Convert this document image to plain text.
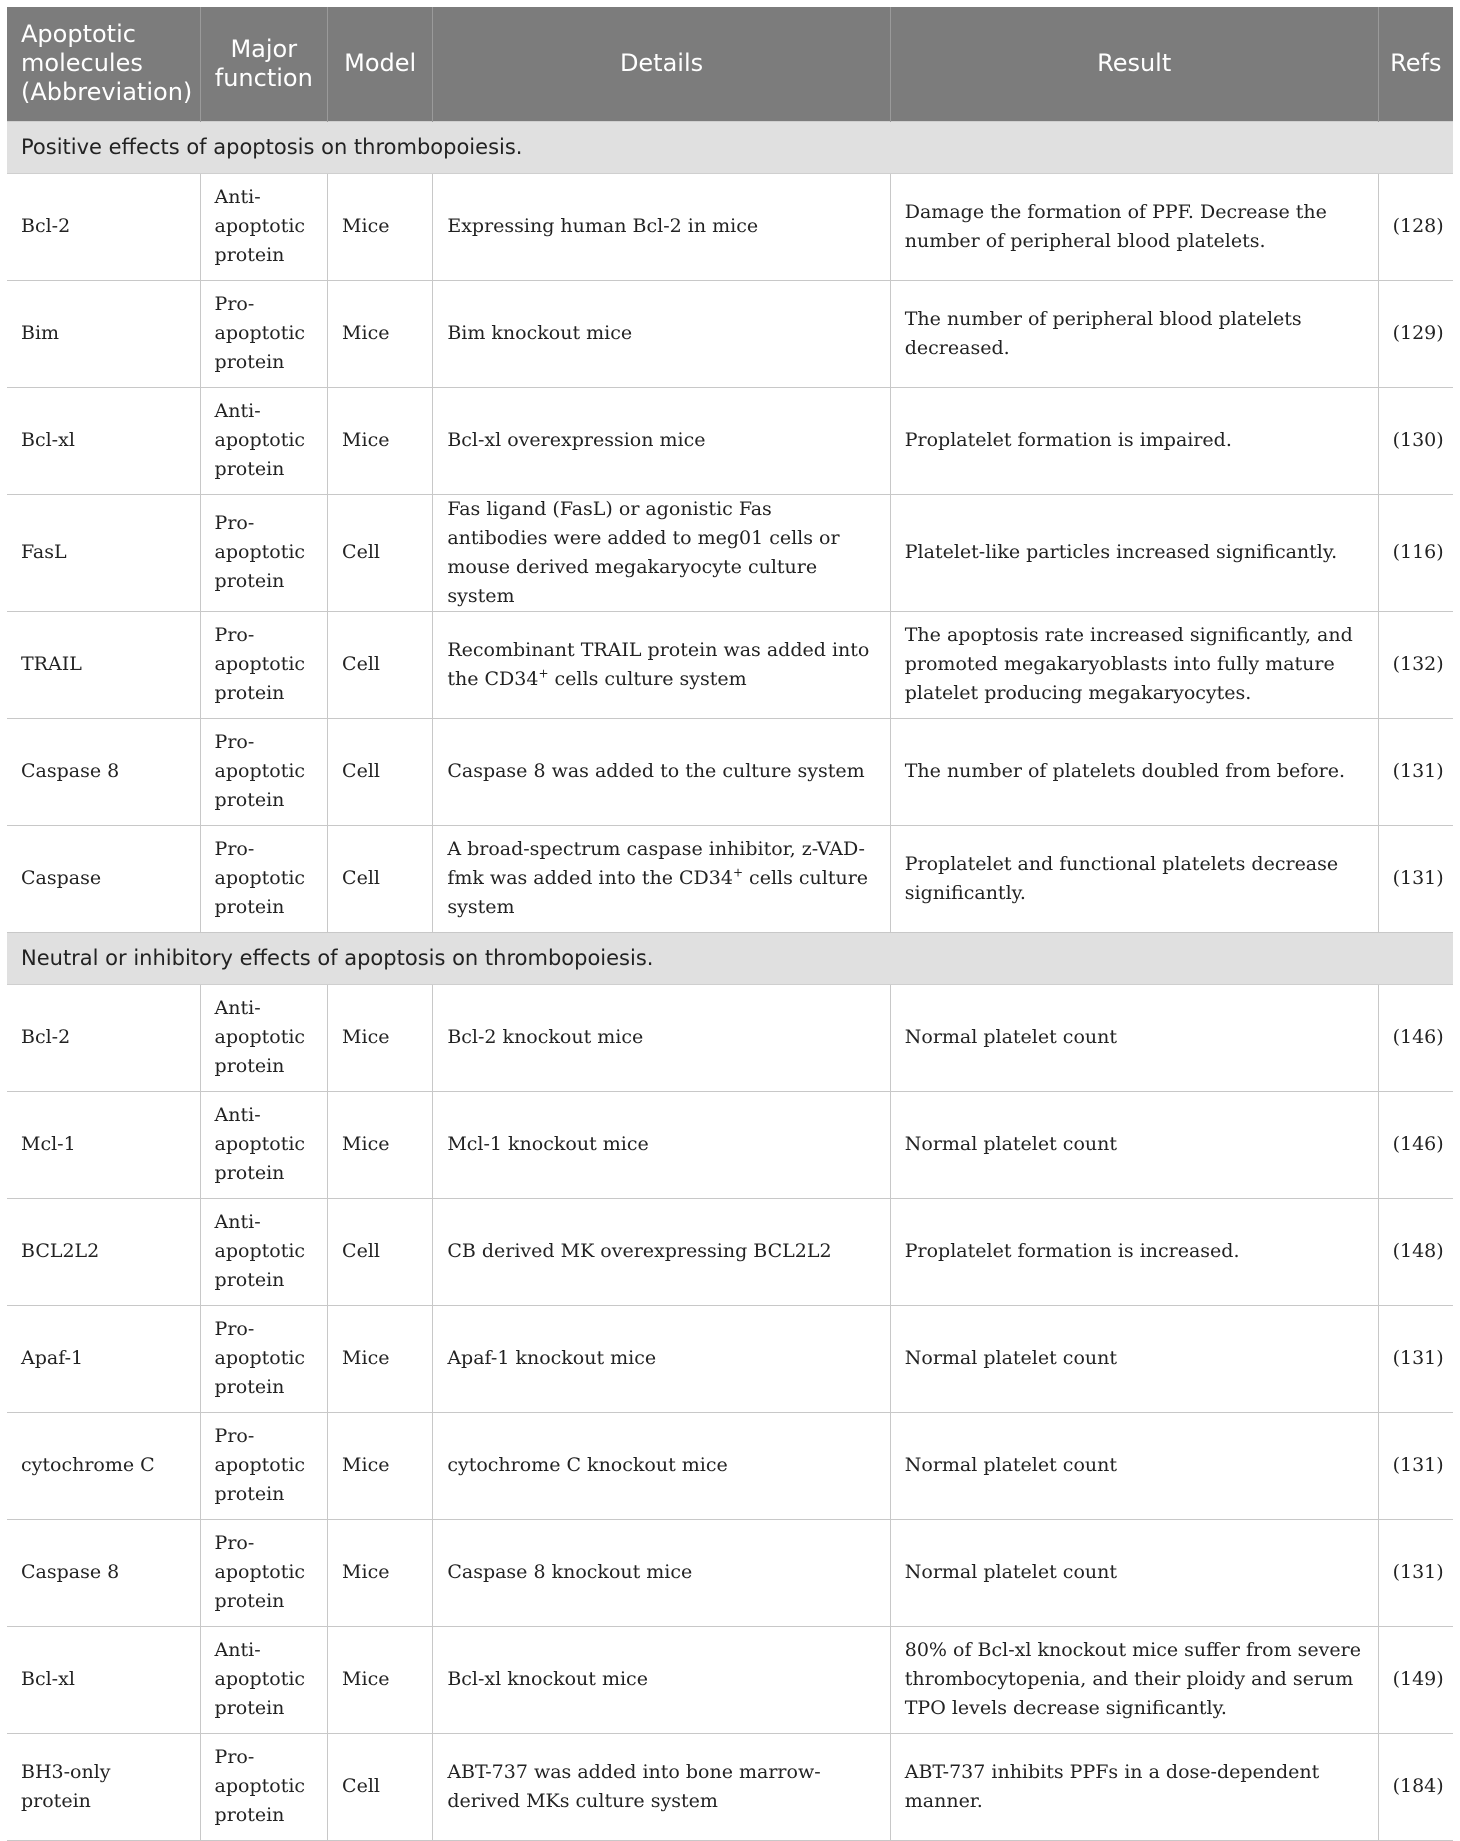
Apoptotic molecules (Abbreviation)	Major function	Model	Details	Result	Refs
Positive effects of apoptosis on thrombopoiesis.					
Bcl-2	Anti-apoptotic protein	Mice	Expressing human Bcl-2 in mice	Damage the formation of PPF. Decrease the number of peripheral blood platelets.	(128)
Bim	Pro-apoptotic protein	Mice	Bim knockout mice	The number of peripheral blood platelets decreased.	(129)
Bcl-xl	Anti-apoptotic protein	Mice	Bcl-xl overexpression mice	Proplatelet formation is impaired.	(130)
FasL	Pro-apoptotic protein	Cell	Fas ligand (FasL) or agonistic Fas antibodies were added to meg01 cells or mouse derived megakaryocyte culture system	Platelet-like particles increased significantly.	(116)
TRAIL	Pro-apoptotic protein	Cell	Recombinant TRAIL protein was added into the CD34+ cells culture system	The apoptosis rate increased significantly, and promoted megakaryoblasts into fully mature platelet producing megakaryocytes.	(132)
Caspase 8	Pro-apoptotic protein	Cell	Caspase 8 was added to the culture system	The number of platelets doubled from before.	(131)
Caspase	Pro-apoptotic protein	Cell	A broad-spectrum caspase inhibitor, z-VAD-fmk was added into the CD34+ cells culture system	Proplatelet and functional platelets decrease significantly.	(131)
Neutral or inhibitory effects of apoptosis on thrombopoiesis.					
Bcl-2	Anti-apoptotic protein	Mice	Bcl-2 knockout mice	Normal platelet count	(146)
Mcl-1	Anti-apoptotic protein	Mice	Mcl-1 knockout mice	Normal platelet count	(146)
BCL2L2	Anti-apoptotic protein	Cell	CB derived MK overexpressing BCL2L2	Proplatelet formation is increased.	(148)
Apaf-1	Pro-apoptotic protein	Mice	Apaf-1 knockout mice	Normal platelet count	(131)
cytochrome C	Pro-apoptotic protein	Mice	cytochrome C knockout mice	Normal platelet count	(131)
Caspase 8	Pro-apoptotic protein	Mice	Caspase 8 knockout mice	Normal platelet count	(131)
Bcl-xl	Anti-apoptotic protein	Mice	Bcl-xl knockout mice	80% of Bcl-xl knockout mice suffer from severe thrombocytopenia, and their ploidy and serum TPO levels decrease significantly.	(149)
BH3-only protein	Pro-apoptotic protein	Cell	ABT-737 was added into bone marrow-derived MKs culture system	ABT-737 inhibits PPFs in a dose-dependent manner.	(184)
